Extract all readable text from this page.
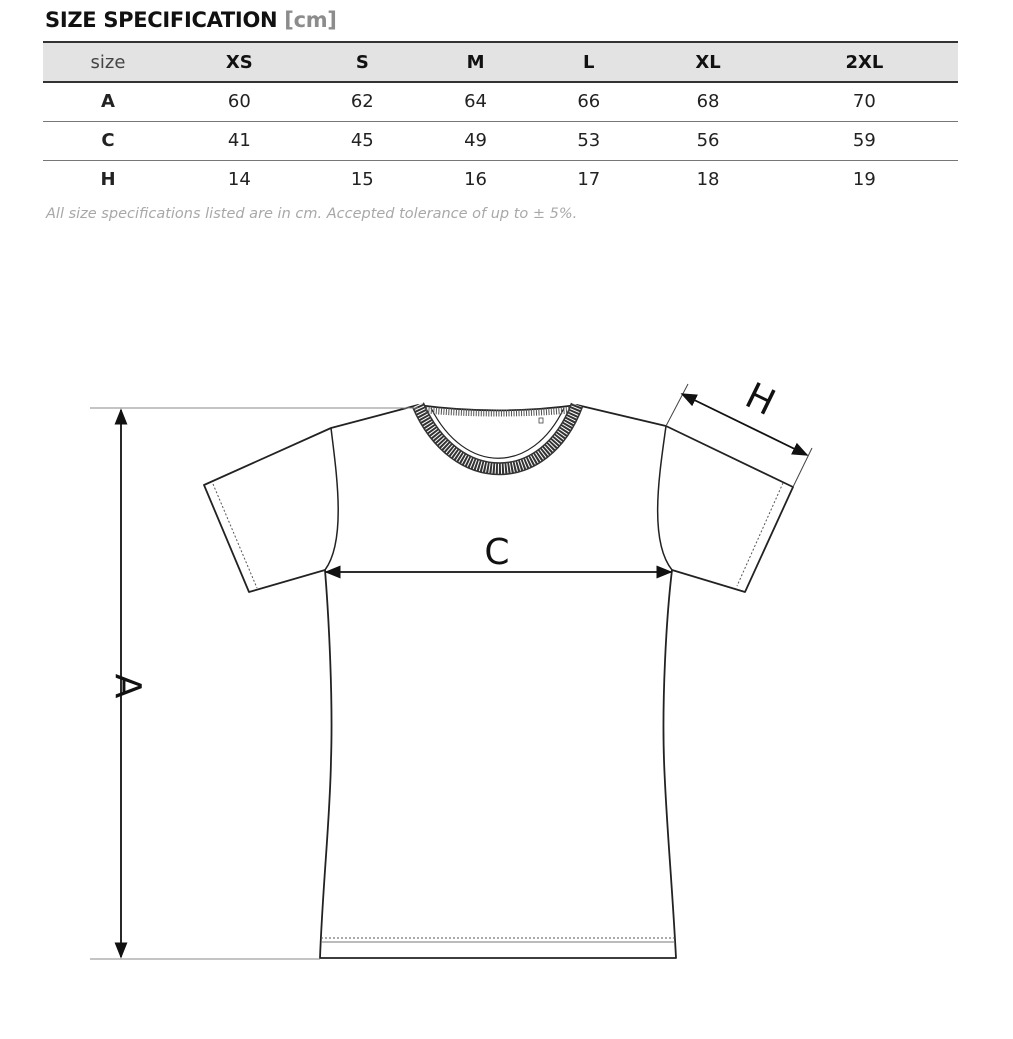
SIZE SPECIFICATION [cm]
size	XS	S	M	L	XL	2XL
A	60	62	64	66	68	70
C	41	45	49	53	56	59
H	14	15	16	17	18	19
All size specifications listed are in cm. Accepted tolerance of up to ± 5%.
A
C
H
